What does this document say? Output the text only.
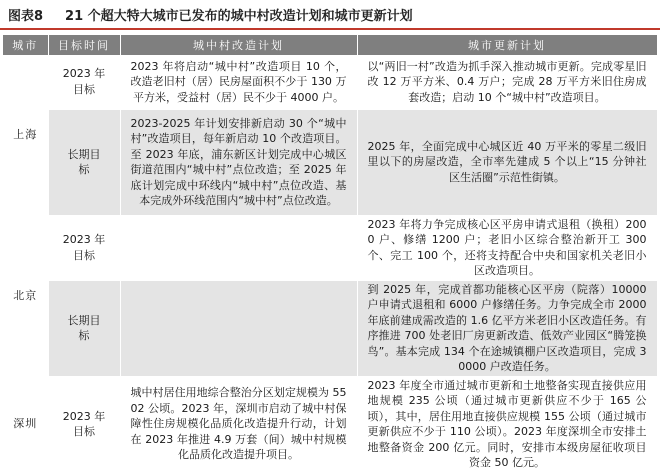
图表8 21 个超大特大城市已发布的城中村改造计划和城市更新计划
城市	目标时间	城中村改造计划	城市更新计划
上海	2023 年目标	2023 年将启动“城中村”改造项目 10 个，改造老旧村（居）民房屋面积不少于 130 万平方米，受益村（居）民不少于 4000 户。	以“两旧一村”改造为抓手深入推动城市更新。完成零星旧改 12 万平方米、0.4 万户；完成 28 万平方米旧住房成套改造；启动 10 个“城中村”改造项目。
	长期目标	2023-2025 年计划安排新启动 30 个“城中村”改造项目，每年新启动 10 个改造项目。至 2023 年底，浦东新区计划完成中心城区街道范围内“城中村”点位改造；至 2025 年底计划完成中环线内“城中村”点位改造、基本完成外环线范围内“城中村”点位改造。	2025 年，全面完成中心城区近 40 万平米的零星二级旧里以下的房屋改造，全市率先建成 5 个以上“15 分钟社区生活圈”示范性街镇。
北京	2023 年目标		2023 年将力争完成核心区平房申请式退租（换租）2000 户、修缮 1200 户；老旧小区综合整治新开工 300 个、完工 100 个，还将支持配合中央和国家机关老旧小区改造项目。
	长期目标		到 2025 年，完成首都功能核心区平房（院落）10000 户申请式退租和 6000 户修缮任务。力争完成全市 2000 年底前建成需改造的 1.6 亿平方米老旧小区改造任务。有序推进 700 处老旧厂房更新改造、低效产业园区“腾笼换鸟”。基本完成 134 个在途城镇棚户区改造项目，完成 30000 户改造任务。
深圳	2023 年目标	城中村居住用地综合整治分区划定规模为 5502 公顷。2023 年，深圳市启动了城中村保障性住房规模化品质化改造提升行动，计划在 2023 年推进 4.9 万套（间）城中村规模化品质化改造提升项目。	2023 年度全市通过城市更新和土地整备实现直接供应用地规模 235 公顷（通过城市更新供应不少于 165 公顷），其中，居住用地直接供应规模 155 公顷（通过城市更新供应不少于 110 公顷）。2023 年度深圳全市安排土地整备资金 200 亿元。同时，安排市本级房屋征收项目资金 50 亿元。
